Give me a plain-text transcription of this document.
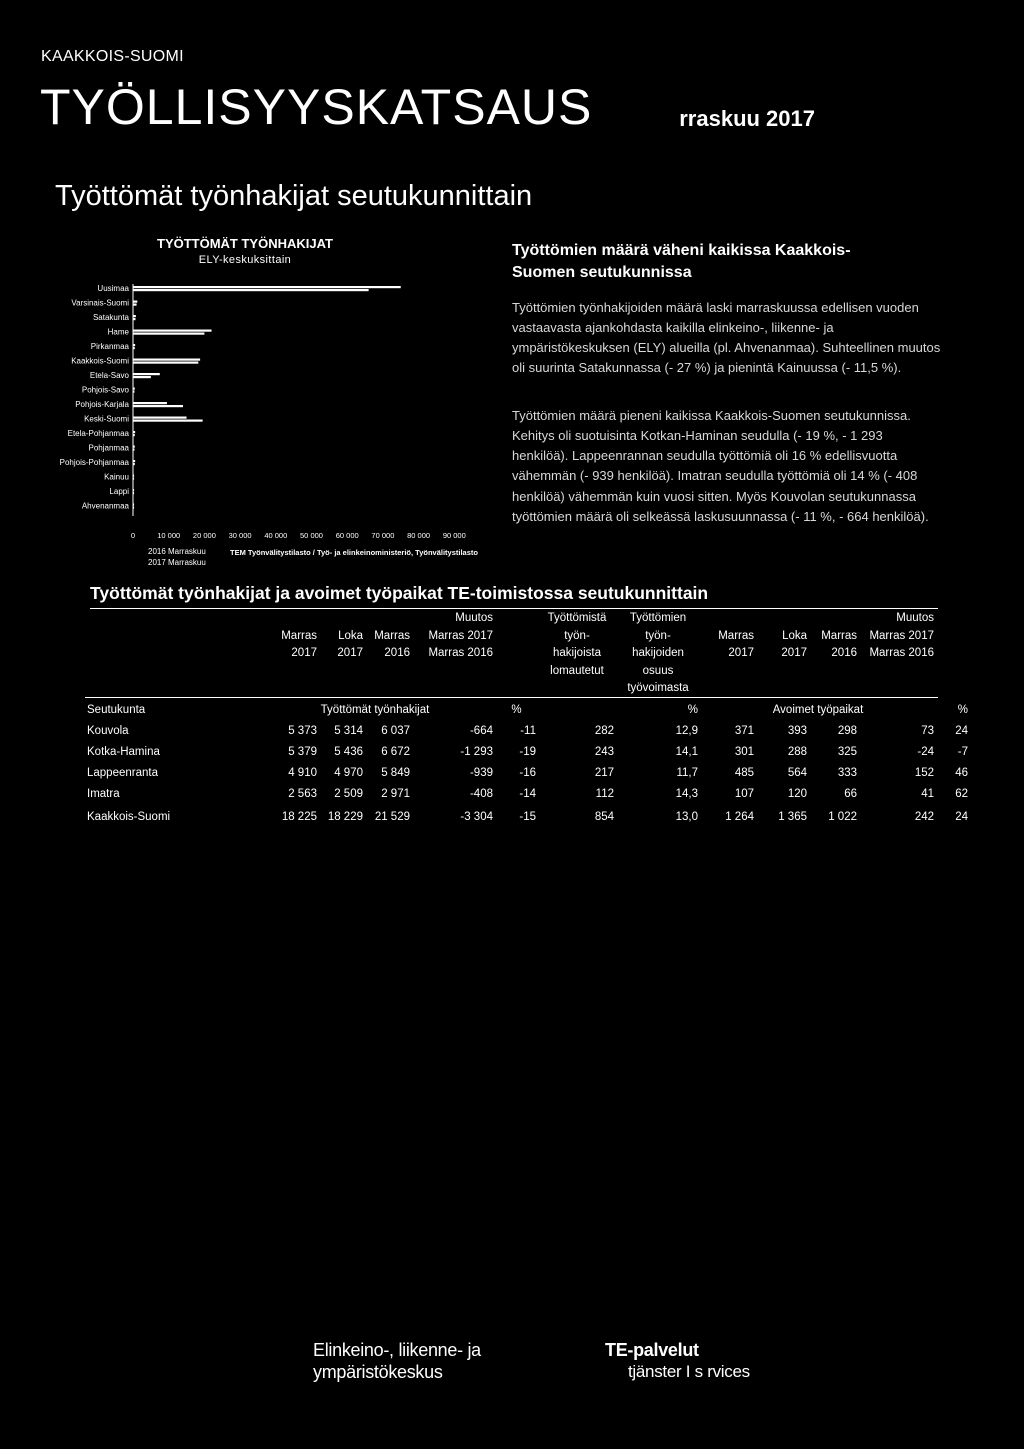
KAAKKOIS-SUOMI
TYÖLLISYYSKATSAUS	rraskuu 2017
Työttömät työnhakijat seutukunnittain
TYÖTTÖMÄT TYÖNHAKIJAT
ELY-keskuksittain
Uusimaa
Varsinais-Suomi
Satakunta
Hame
Pirkanmaa
Kaakkois-Suomi
Etela-Savo
Pohjois-Savo
Pohjois-Karjala
Keski-Suomi
Etela-Pohjanmaa
Pohjanmaa
Pohjois-Pohjanmaa
Kainuu
Lappi
Ahvenanmaa
0	10 000 20 000 30 000 40 000 50 000 60 000 70 000 80 000 90 000
2016 Marraskuu
2017 Marraskuu
TEM Työnvälitystilasto / Työ- ja elinkeinoministeriö, Työnvälitystilasto
Työttömien määrä väheni kaikissa Kaakkois-Suomen seutukunnissa
Työttömien työnhakijoiden määrä laski marraskuussa edellisen vuoden vastaavasta ajankohdasta kaikilla elinkeino-, liikenne- ja ympäristökeskuksen (ELY) alueilla (pl. Ahvenanmaa). Suhteellinen muutos oli suurinta Satakunnassa (- 27 %) ja pienintä Kainuussa (- 11,5 %).
Työttömien määrä pieneni kaikissa Kaakkois-Suomen seutukunnissa. Kehitys oli suotuisinta Kotkan-Haminan seudulla (- 19 %, - 1 293 henkilöä). Lappeenrannan seudulla työttömiä oli 16 % edellisvuotta vähemmän (- 939 henkilöä). Imatran seudulla työttömiä oli 14 % (- 408 henkilöä) vähemmän kuin vuosi sitten. Myös Kouvolan seutukunnassa työttömien määrä oli selkeässä laskusuunnassa (- 11 %, - 664 henkilöä).
Työttömät työnhakijat ja avoimet työpaikat TE-toimistossa seutukunnittain
				Muutos		Työttömistä	Työttömien				Muutos	
	Marras	Loka	Marras	Marras 2017		työn-	työn-	Marras	Loka	Marras	Marras 2017	
	2017	2017	2016	Marras 2016		hakijoista	hakijoiden	2017	2017	2016	Marras 2016	
						lomautetut	osuus					
							työvoimasta					
Seutukunta	Työttömät työnhakijat				%	%		Avoimet työpaikat				%
Kouvola	5 373	5 314	6 037	-664	-11	282	12,9	371	393	298	73	24
Kotka-Hamina	5 379	5 436	6 672	-1 293	-19	243	14,1	301	288	325	-24	-7
Lappeenranta	4 910	4 970	5 849	-939	-16	217	11,7	485	564	333	152	46
Imatra	2 563	2 509	2 971	-408	-14	112	14,3	107	120	66	41	62
Kaakkois-Suomi	18 225	18 229	21 529	-3 304	-15	854	13,0	1 264	1 365	1 022	242	24
Elinkeino-, liikenne- ja
ympäristökeskus
TE-palvelut
tjänster I s rvices
